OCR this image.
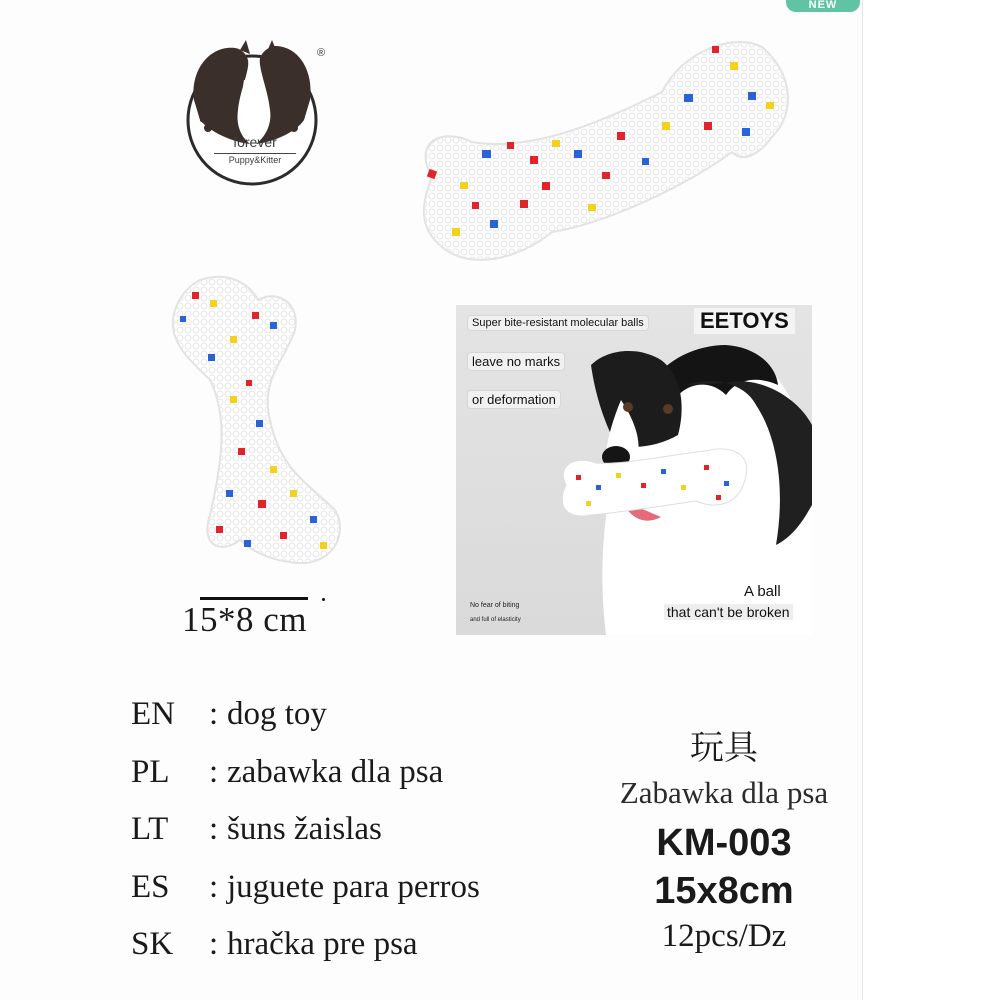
NEW
®
forever
Puppy&Kitter
15*8 cm
Super bite-resistant molecular balls	EETOYS
leave no marks
or deformation
No fear of biting
and full of elasticity
A ball
that can't be broken
EN : dog toy
PL : zabawka dla psa
LT : šuns žaislas
ES : juguete para perros
SK : hračka pre psa
玩具
Zabawka dla psa
KM-003
15x8cm
12pcs/Dz
